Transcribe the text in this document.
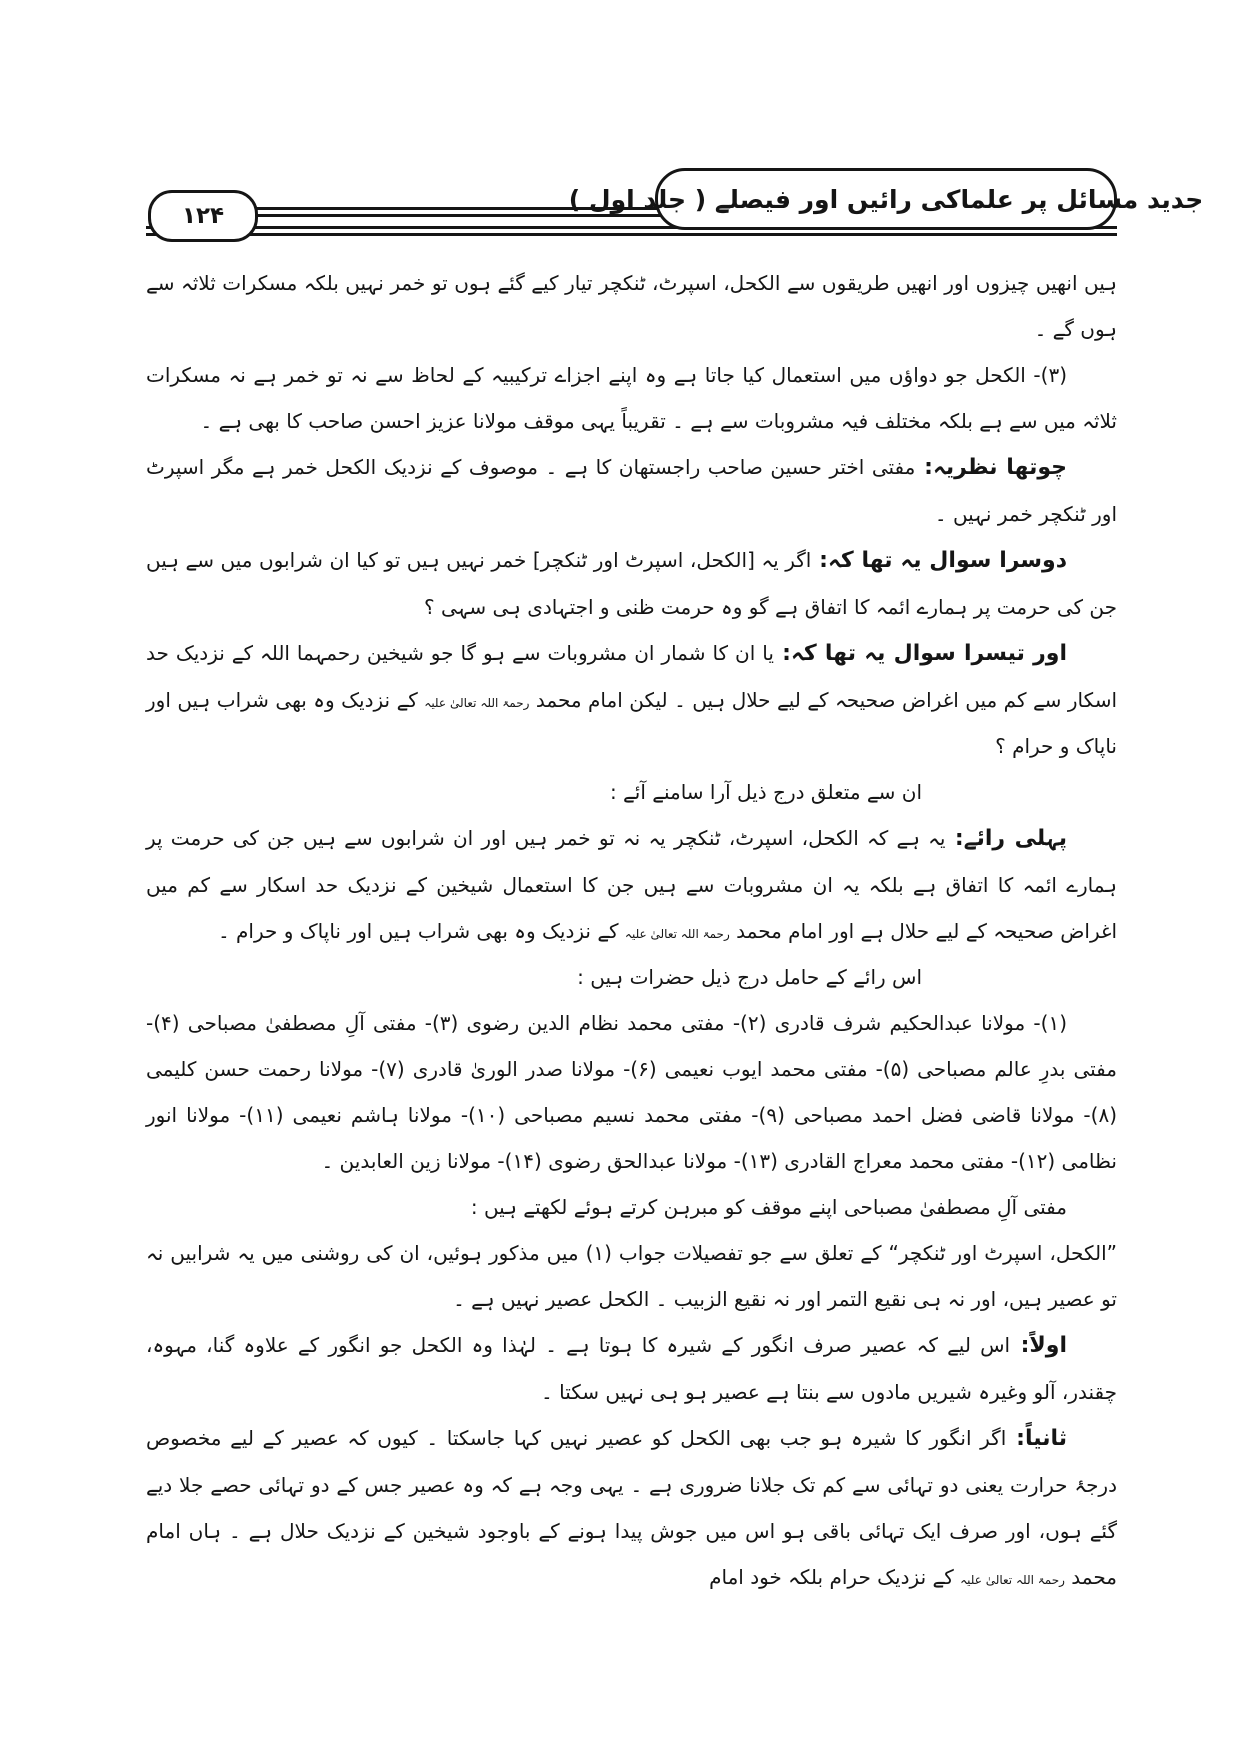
جدید مسائل پر علماکی رائیں اور فیصلے ( جلد اول )
۱۲۴

ہیں انھیں چیزوں اور انھیں طریقوں سے الکحل، اسپرٹ، ٹنکچر تیار کیے گئے ہوں تو خمر نہیں بلکہ مسکرات ثلاثہ سے ہوں گے ۔

(۳)- الکحل جو دواؤں میں استعمال کیا جاتا ہے وہ اپنے اجزاے ترکیبیہ کے لحاظ سے نہ تو خمر ہے نہ مسکرات ثلاثہ میں سے ہے بلکہ مختلف فیہ مشروبات سے ہے ۔ تقریباً یہی موقف مولانا عزیز احسن صاحب کا بھی ہے ۔

چوتھا نظریہ: مفتی اختر حسین صاحب راجستھان کا ہے ۔ موصوف کے نزدیک الکحل خمر ہے مگر اسپرٹ اور ٹنکچر خمر نہیں ۔

دوسرا سوال یہ تھا کہ: اگر یہ [الکحل، اسپرٹ اور ٹنکچر] خمر نہیں ہیں تو کیا ان شرابوں میں سے ہیں جن کی حرمت پر ہمارے ائمہ کا اتفاق ہے گو وہ حرمت ظنی و اجتہادی ہی سہی ؟

اور تیسرا سوال یہ تھا کہ: یا ان کا شمار ان مشروبات سے ہو گا جو شیخین رحمہما اللہ کے نزدیک حد اسکار سے کم میں اغراض صحیحہ کے لیے حلال ہیں ۔ لیکن امام محمد رحمۃ اللہ تعالیٰ علیہ کے نزدیک وہ بھی شراب ہیں اور ناپاک و حرام ؟

ان سے متعلق درج ذیل آرا سامنے آئے :

پہلی رائے: یہ ہے کہ الکحل، اسپرٹ، ٹنکچر یہ نہ تو خمر ہیں اور ان شرابوں سے ہیں جن کی حرمت پر ہمارے ائمہ کا اتفاق ہے بلکہ یہ ان مشروبات سے ہیں جن کا استعمال شیخین کے نزدیک حد اسکار سے کم میں اغراض صحیحہ کے لیے حلال ہے اور امام محمد رحمۃ اللہ تعالیٰ علیہ کے نزدیک وہ بھی شراب ہیں اور ناپاک و حرام ۔

اس رائے کے حامل درج ذیل حضرات ہیں :

(۱)- مولانا عبدالحکیم شرف قادری (۲)- مفتی محمد نظام الدین رضوی (۳)- مفتی آلِ مصطفیٰ مصباحی (۴)- مفتی بدرِ عالم مصباحی (۵)- مفتی محمد ایوب نعیمی (۶)- مولانا صدر الوریٰ قادری (۷)- مولانا رحمت حسن کلیمی (۸)- مولانا قاضی فضل احمد مصباحی (۹)- مفتی محمد نسیم مصباحی (۱۰)- مولانا ہاشم نعیمی (۱۱)- مولانا انور نظامی (۱۲)- مفتی محمد معراج القادری (۱۳)- مولانا عبدالحق رضوی (۱۴)- مولانا زین العابدین ۔

مفتی آلِ مصطفیٰ مصباحی اپنے موقف کو مبرہن کرتے ہوئے لکھتے ہیں :

”الکحل، اسپرٹ اور ٹنکچر“ کے تعلق سے جو تفصیلات جواب (۱) میں مذکور ہوئیں، ان کی روشنی میں یہ شرابیں نہ تو عصیر ہیں، اور نہ ہی نقیع التمر اور نہ نقیع الزبیب ۔ الکحل عصیر نہیں ہے ۔

اولاً: اس لیے کہ عصیر صرف انگور کے شیرہ کا ہوتا ہے ۔ لہٰذا وہ الکحل جو انگور کے علاوہ گنا، مہوہ، چقندر، آلو وغیرہ شیریں مادوں سے بنتا ہے عصیر ہو ہی نہیں سکتا ۔

ثانیاً: اگر انگور کا شیرہ ہو جب بھی الکحل کو عصیر نہیں کہا جاسکتا ۔ کیوں کہ عصیر کے لیے مخصوص درجۂ حرارت یعنی دو تہائی سے کم تک جلانا ضروری ہے ۔ یہی وجہ ہے کہ وہ عصیر جس کے دو تہائی حصے جلا دیے گئے ہوں، اور صرف ایک تہائی باقی ہو اس میں جوش پیدا ہونے کے باوجود شیخین کے نزدیک حلال ہے ۔ ہاں امام محمد رحمۃ اللہ تعالیٰ علیہ کے نزدیک حرام بلکہ خود امام
